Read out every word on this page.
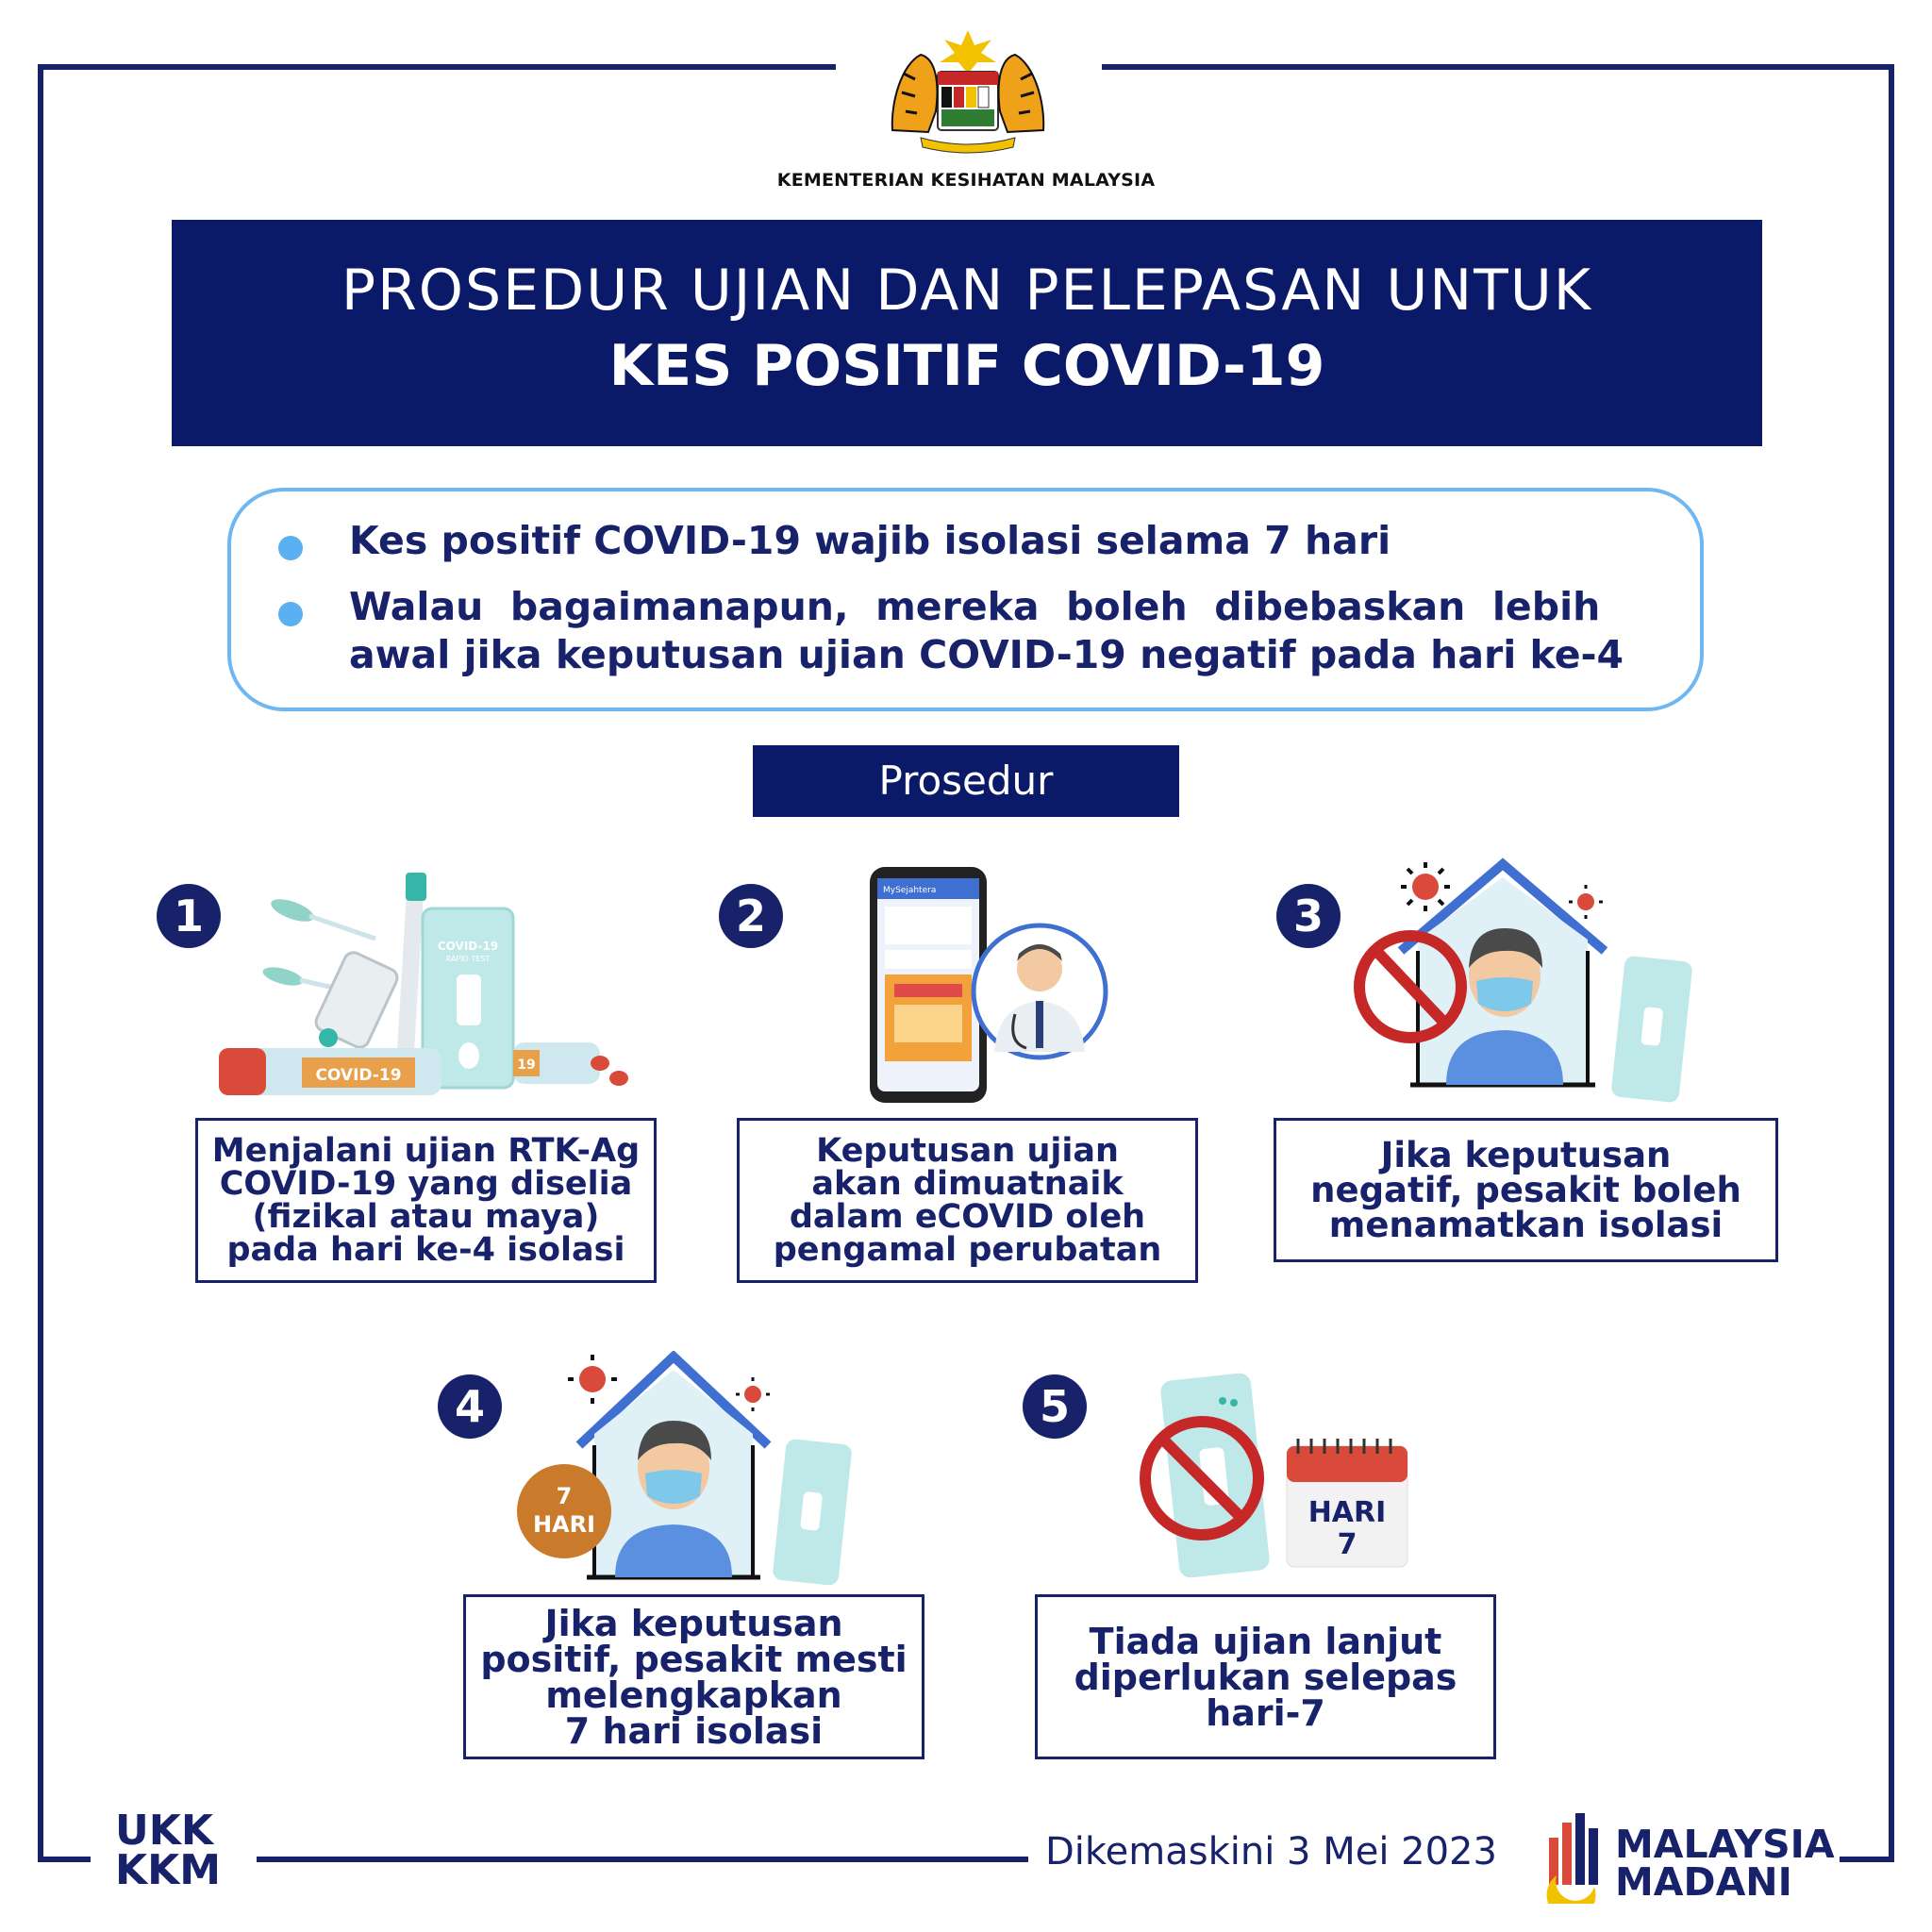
KEMENTERIAN KESIHATAN MALAYSIA
PROSEDUR UJIAN DAN PELEPASAN UNTUK
KES POSITIF COVID-19
Kes positif COVID-19 wajib isolasi selama 7 hari
Walau  bagaimanapun,  mereka  boleh  dibebaskan  lebih
awal jika keputusan ujian COVID-19 negatif pada hari ke-4
Prosedur
1
COVID-19
RAPID TEST
COVID-19
19
Menjalani ujian RTK-Ag
COVID-19 yang diselia
(fizikal atau maya)
pada hari ke-4 isolasi
2	MySejahtera
Keputusan ujian
akan dimuatnaik
dalam eCOVID oleh
pengamal perubatan
3
Jika keputusan
negatif, pesakit boleh
menamatkan isolasi
4
7
HARI
Jika keputusan
positif, pesakit mesti
melengkapkan
7 hari isolasi
5
HARI
7
Tiada ujian lanjut
diperlukan selepas
hari-7
UKK
KKM	Dikemaskini 3 Mei 2023	MALAYSIA
MADANI
